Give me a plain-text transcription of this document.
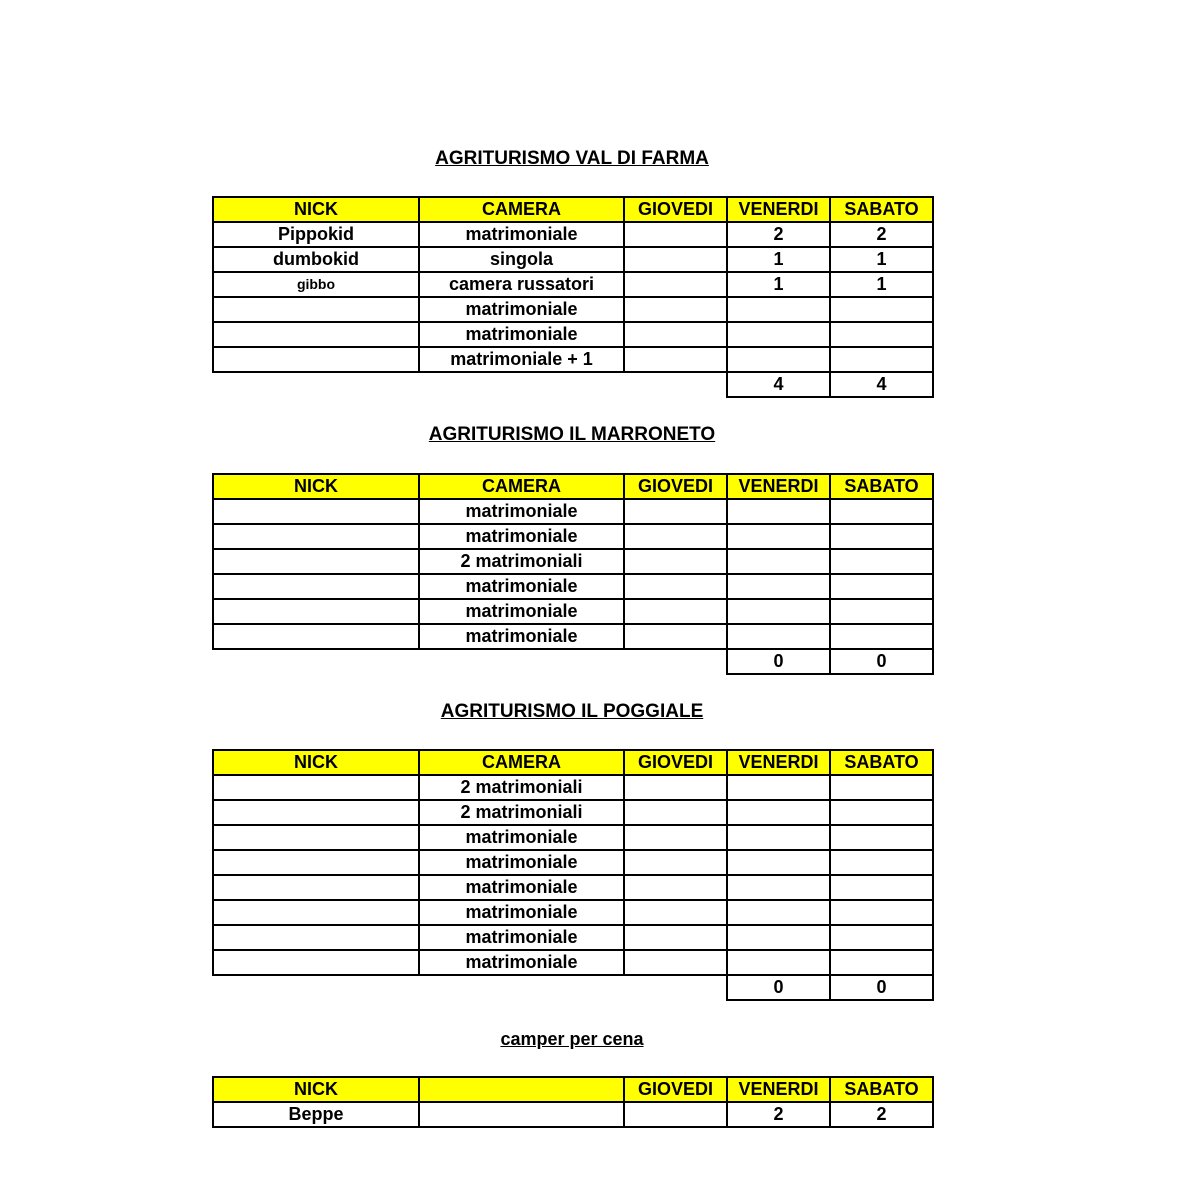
AGRITURISMO VAL DI FARMA
NICK	CAMERA	GIOVEDI	VENERDI	SABATO
Pippokid	matrimoniale		2	2
dumbokid	singola		1	1
gibbo	camera russatori		1	1
	matrimoniale			
	matrimoniale			
	matrimoniale + 1			
			4	4
AGRITURISMO IL MARRONETO
NICK	CAMERA	GIOVEDI	VENERDI	SABATO
	matrimoniale			
	matrimoniale			
	2 matrimoniali			
	matrimoniale			
	matrimoniale			
	matrimoniale			
			0	0
AGRITURISMO IL POGGIALE
NICK	CAMERA	GIOVEDI	VENERDI	SABATO
	2 matrimoniali			
	2 matrimoniali			
	matrimoniale			
	matrimoniale			
	matrimoniale			
	matrimoniale			
	matrimoniale			
	matrimoniale			
			0	0
camper per cena
NICK		GIOVEDI	VENERDI	SABATO
Beppe			2	2
